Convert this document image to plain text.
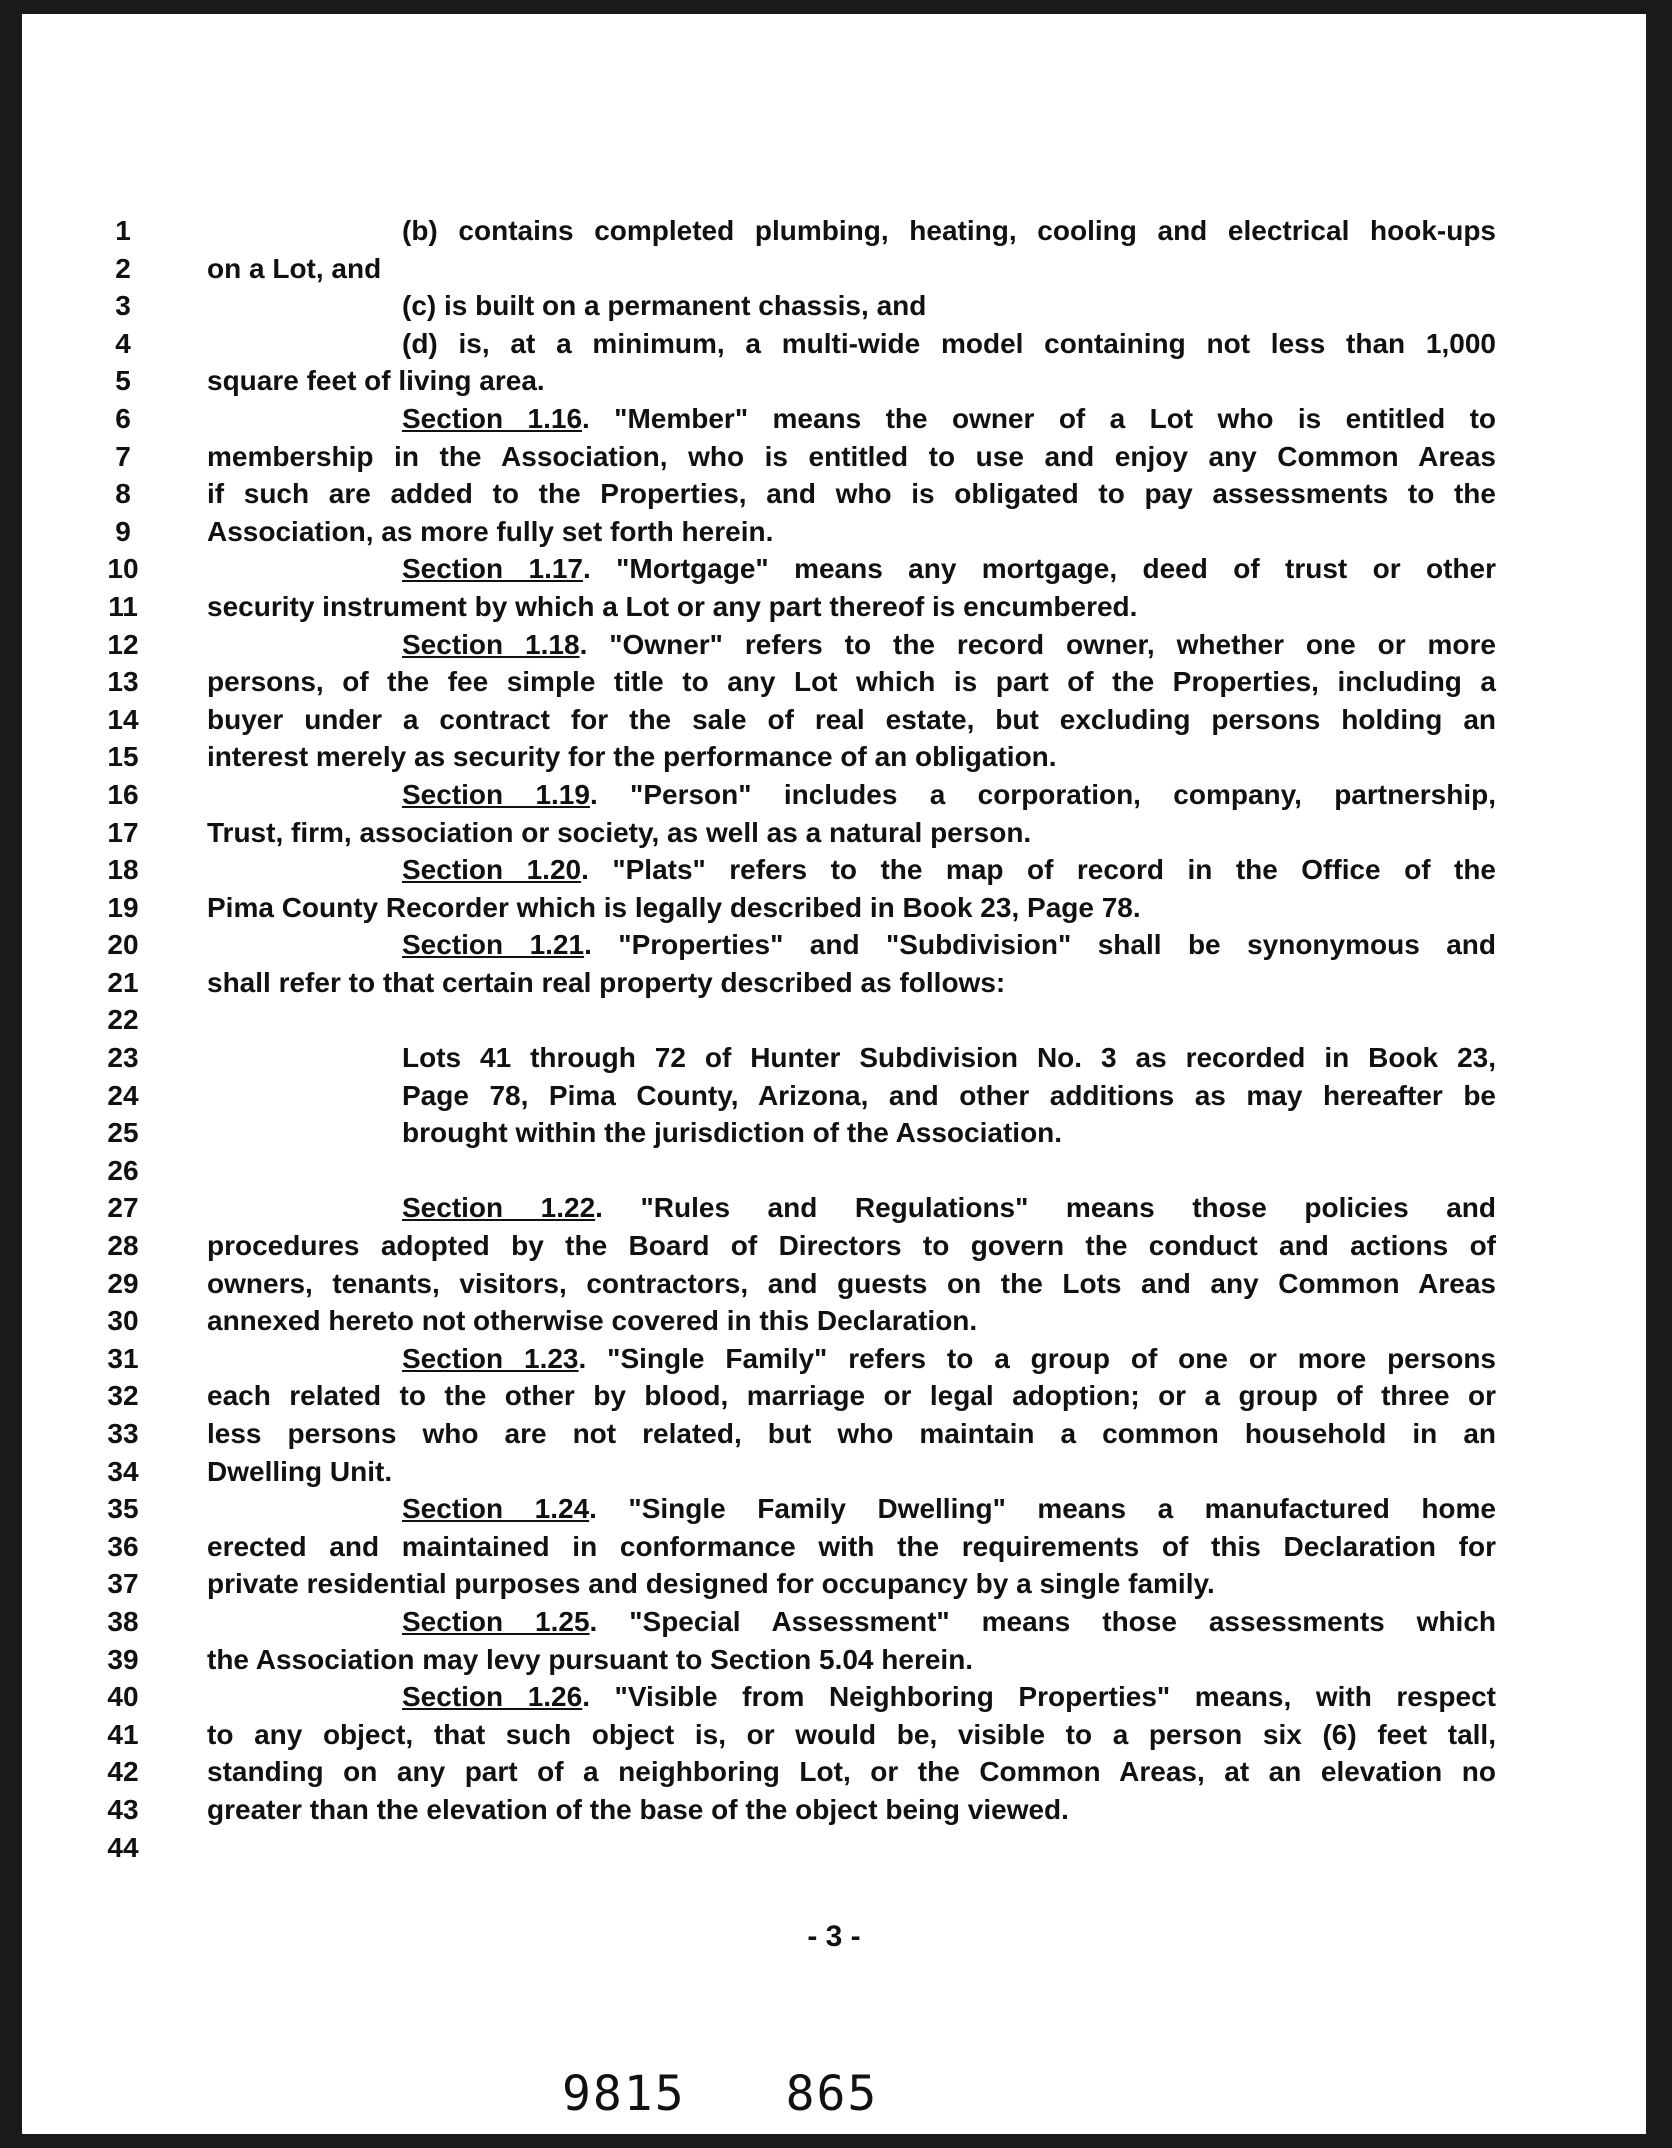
1	(b) contains completed plumbing, heating, cooling and electrical hook-ups
2	on a Lot, and
3	(c) is built on a permanent chassis, and
4	(d) is, at a minimum, a multi-wide model containing not less than 1,000
5	square feet of living area.
6	Section 1.16. "Member" means the owner of a Lot who is entitled to
7	membership in the Association, who is entitled to use and enjoy any Common Areas
8	if such are added to the Properties, and who is obligated to pay assessments to the
9	Association, as more fully set forth herein.
10	Section 1.17. "Mortgage" means any mortgage, deed of trust or other
11	security instrument by which a Lot or any part thereof is encumbered.
12	Section 1.18. "Owner" refers to the record owner, whether one or more
13	persons, of the fee simple title to any Lot which is part of the Properties, including a
14	buyer under a contract for the sale of real estate, but excluding persons holding an
15	interest merely as security for the performance of an obligation.
16	Section 1.19. "Person" includes a corporation, company, partnership,
17	Trust, firm, association or society, as well as a natural person.
18	Section 1.20. "Plats" refers to the map of record in the Office of the
19	Pima County Recorder which is legally described in Book 23, Page 78.
20	Section 1.21. "Properties" and "Subdivision" shall be synonymous and
21	shall refer to that certain real property described as follows:
22
23	Lots 41 through 72 of Hunter Subdivision No. 3 as recorded in Book 23,
24	Page 78, Pima County, Arizona, and other additions as may hereafter be
25	brought within the jurisdiction of the Association.
26
27	Section 1.22. "Rules and Regulations" means those policies and
28	procedures adopted by the Board of Directors to govern the conduct and actions of
29	owners, tenants, visitors, contractors, and guests on the Lots and any Common Areas
30	annexed hereto not otherwise covered in this Declaration.
31	Section 1.23. "Single Family" refers to a group of one or more persons
32	each related to the other by blood, marriage or legal adoption; or a group of three or
33	less persons who are not related, but who maintain a common household in an
34	Dwelling Unit.
35	Section 1.24. "Single Family Dwelling" means a manufactured home
36	erected and maintained in conformance with the requirements of this Declaration for
37	private residential purposes and designed for occupancy by a single family.
38	Section 1.25. "Special Assessment" means those assessments which
39	the Association may levy pursuant to Section 5.04 herein.
40	Section 1.26. "Visible from Neighboring Properties" means, with respect
41	to any object, that such object is, or would be, visible to a person six (6) feet tall,
42	standing on any part of a neighboring Lot, or the Common Areas, at an elevation no
43	greater than the elevation of the base of the object being viewed.
44
- 3 -
9815 865
